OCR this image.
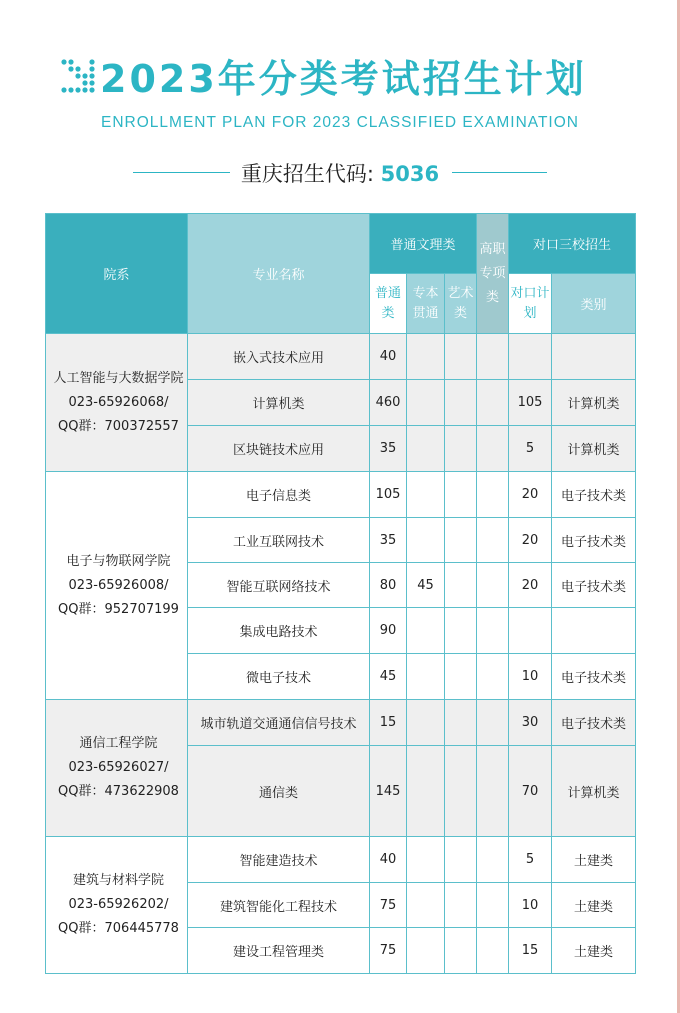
2023年分类考试招生计划
ENROLLMENT PLAN FOR 2023 CLASSIFIED EXAMINATION
重庆招生代码: 5036
院系	专业名称	普通文理类			高职专项类	对口三校招生	
		普通类	专本贯通	艺术类		对口计划	类别

人工智能与大数据学院
023-65926068/
QQ群：700372557	嵌入式技术应用	40					
	计算机类	460				105	计算机类
	区块链技术应用	35				5	计算机类

电子与物联网学院
023-65926008/
QQ群：952707199	电子信息类	105				20	电子技术类
	工业互联网技术	35				20	电子技术类
	智能互联网络技术	80	45			20	电子技术类
	集成电路技术	90					
	微电子技术	45				10	电子技术类

通信工程学院
023-65926027/
QQ群：473622908	城市轨道交通通信信号技术	15				30	电子技术类
	通信类	145				70	计算机类

建筑与材料学院
023-65926202/
QQ群：706445778	智能建造技术	40				5	土建类
	建筑智能化工程技术	75				10	土建类
	建设工程管理类	75				15	土建类
